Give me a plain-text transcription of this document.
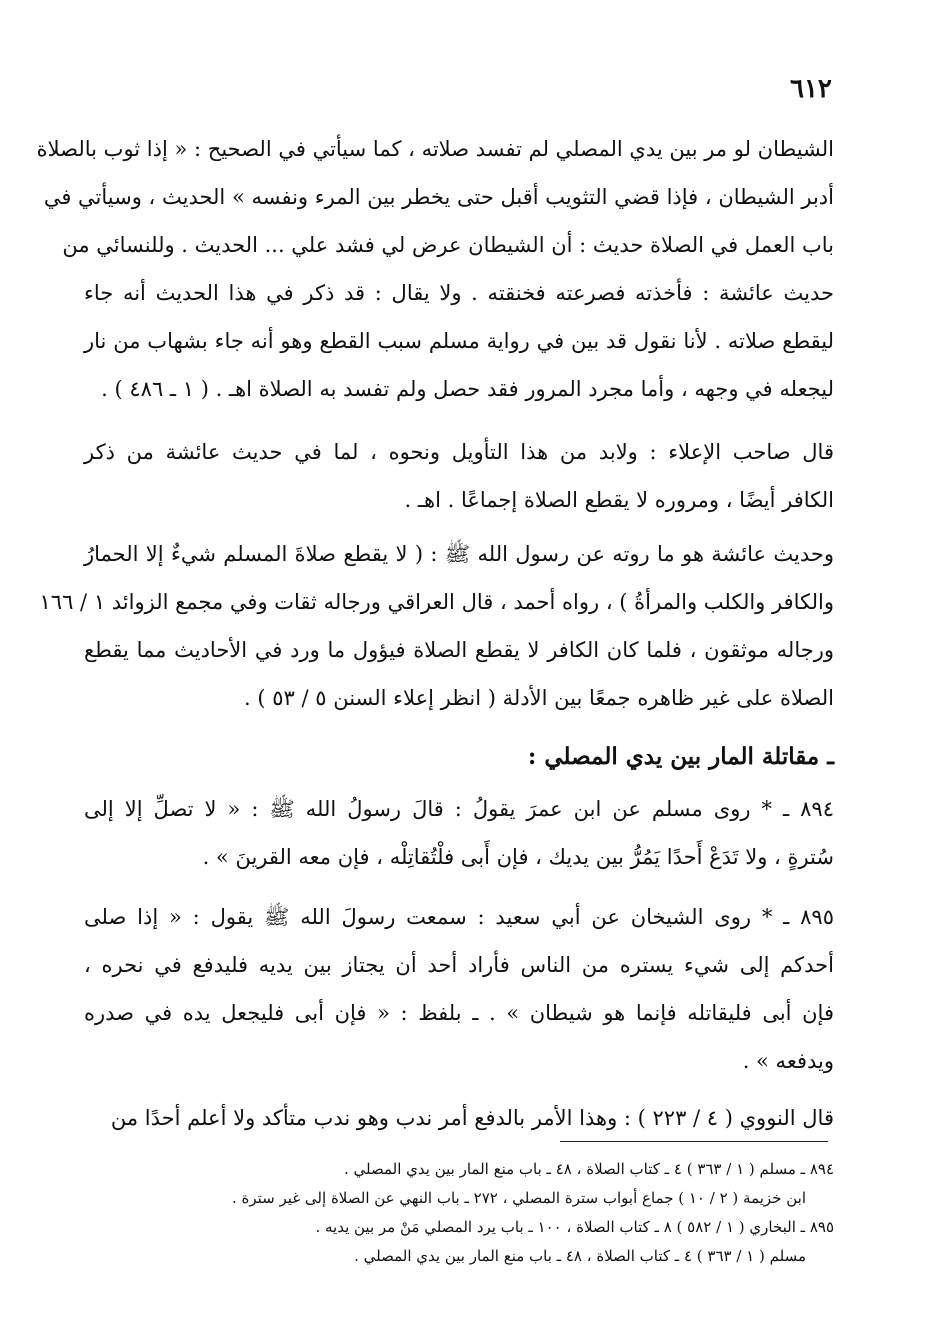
٦١٢
الشيطان لو مر بين يدي المصلي لم تفسد صلاته ، كما سيأتي في الصحيح : « إذا ثوب بالصلاة
أدبر الشيطان ، فإذا قضي التثويب أقبل حتى يخطر بين المرء ونفسه » الحديث ، وسيأتي في
باب العمل في الصلاة حديث : أن الشيطان عرض لي فشد علي ... الحديث . وللنسائي من
حديث عائشة : فأخذته فصرعته فخنقته . ولا يقال : قد ذكر في هذا الحديث أنه جاء
ليقطع صلاته . لأنا نقول قد بين في رواية مسلم سبب القطع وهو أنه جاء بشهاب من نار
ليجعله في وجهه ، وأما مجرد المرور فقد حصل ولم تفسد به الصلاة اهـ . ( ١ ـ ٤٨٦ ) .
قال صاحب الإعلاء : ولابد من هذا التأويل ونحوه ، لما في حديث عائشة من ذكر
الكافر أيضًا ، ومروره لا يقطع الصلاة إجماعًا . اهـ .
وحديث عائشة هو ما روته عن رسول الله ﷺ : ( لا يقطع صلاةَ المسلم شيءٌ إلا الحمارُ
والكافر والكلب والمرأةُ ) ، رواه أحمد ، قال العراقي ورجاله ثقات وفي مجمع الزوائد ١ / ١٦٦
ورجاله موثقون ، فلما كان الكافر لا يقطع الصلاة فيؤول ما ورد في الأحاديث مما يقطع
الصلاة على غير ظاهره جمعًا بين الأدلة ( انظر إعلاء السنن ٥ / ٥٣ ) .
ـ مقاتلة المار بين يدي المصلي :
٨٩٤ ـ * روى مسلم عن ابن عمرَ يقولُ : قالَ رسولُ الله ﷺ : « لا تصلِّ إلا إلى
سُترةٍ ، ولا تَدَعْ أَحدًا يَمُرُّ بين يديك ، فإن أَبى فلْتُقاتِلْه ، فإن معه القرينَ » .
٨٩٥ ـ * روى الشيخان عن أبي سعيد : سمعت رسولَ الله ﷺ يقول : « إذا صلى
أحدكم إلى شيء يستره من الناس فأراد أحد أن يجتاز بين يديه فليدفع في نحره ،
فإن أبى فليقاتله فإنما هو شيطان » . ـ بلفظ : « فإن أبى فليجعل يده في صدره
ويدفعه » .
قال النووي ( ٤ / ٢٢٣ ) : وهذا الأمر بالدفع أمر ندب وهو ندب متأكد ولا أعلم أحدًا من
٨٩٤ ـ مسلم ( ١ / ٣٦٣ ) ٤ ـ كتاب الصلاة ، ٤٨ ـ باب منع المار بين يدي المصلي .
ابن خزيمة ( ٢ / ١٠ ) جماع أبواب سترة المصلي ، ٢٧٢ ـ باب النهي عن الصلاة إلى غير سترة .
٨٩٥ ـ البخاري ( ١ / ٥٨٢ ) ٨ ـ كتاب الصلاة ، ١٠٠ ـ باب يرد المصلي مَنْ مر بين يديه .
مسلم ( ١ / ٣٦٣ ) ٤ ـ كتاب الصلاة ، ٤٨ ـ باب منع المار بين يدي المصلي .
